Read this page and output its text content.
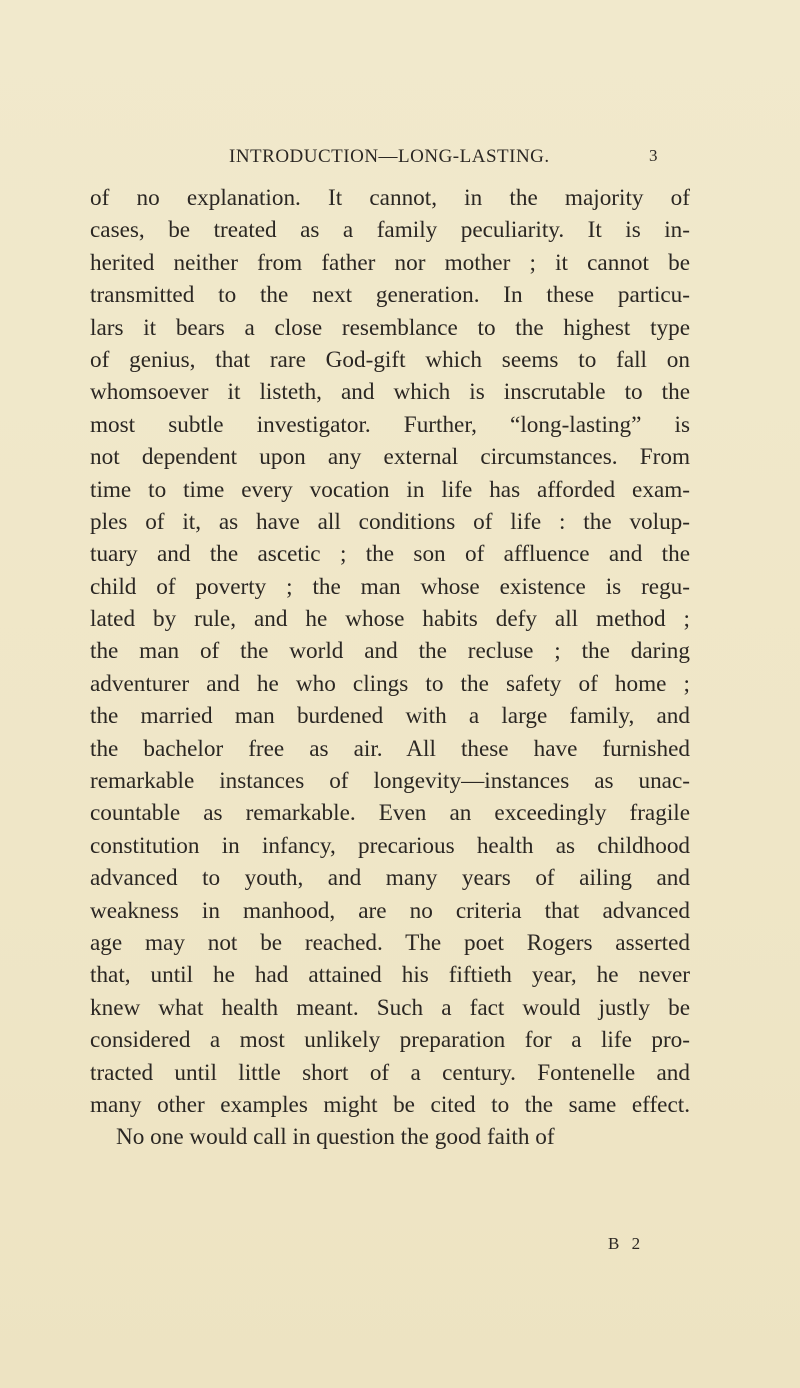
INTRODUCTION—LONG-LASTING.	3
of no explanation. It cannot, in the majority of
cases, be treated as a family peculiarity. It is in-
herited neither from father nor mother ; it cannot be
transmitted to the next generation. In these particu-
lars it bears a close resemblance to the highest type
of genius, that rare God-gift which seems to fall on
whomsoever it listeth, and which is inscrutable to the
most subtle investigator. Further, “long-lasting” is
not dependent upon any external circumstances. From
time to time every vocation in life has afforded exam-
ples of it, as have all conditions of life : the volup-
tuary and the ascetic ; the son of affluence and the
child of poverty ; the man whose existence is regu-
lated by rule, and he whose habits defy all method ;
the man of the world and the recluse ; the daring
adventurer and he who clings to the safety of home ;
the married man burdened with a large family, and
the bachelor free as air. All these have furnished
remarkable instances of longevity—instances as unac-
countable as remarkable. Even an exceedingly fragile
constitution in infancy, precarious health as childhood
advanced to youth, and many years of ailing and
weakness in manhood, are no criteria that advanced
age may not be reached. The poet Rogers asserted
that, until he had attained his fiftieth year, he never
knew what health meant. Such a fact would justly be
considered a most unlikely preparation for a life pro-
tracted until little short of a century. Fontenelle and
many other examples might be cited to the same effect.
No one would call in question the good faith of
B 2
